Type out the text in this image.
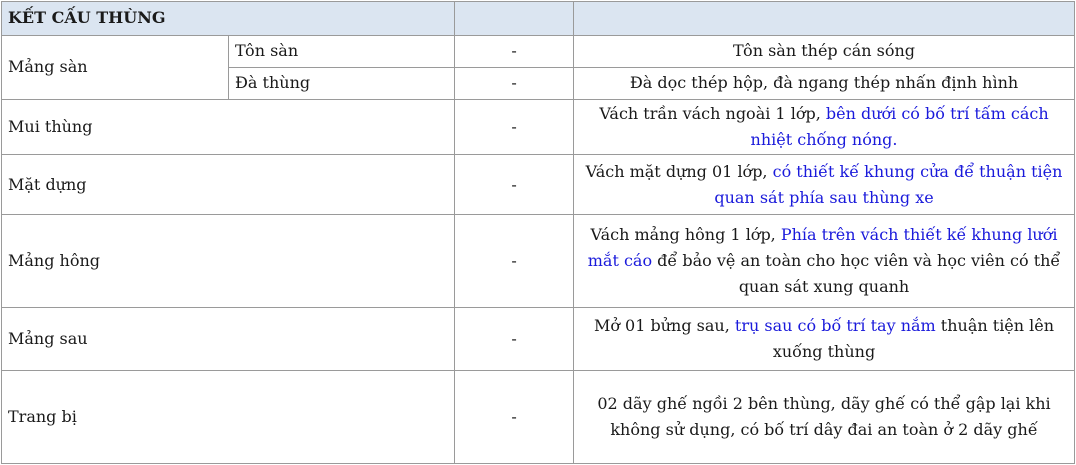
KẾT CẤU THÙNG			
Mảng sàn	Tôn sàn	-	Tôn sàn thép cán sóng
	Đà thùng	-	Đà dọc thép hộp, đà ngang thép nhấn định hình
Mui thùng		-	Vách trần vách ngoài 1 lớp, bên dưới có bố trí tấm cách nhiệt chống nóng.
Mặt dựng		-	Vách mặt dựng 01 lớp, có thiết kế khung cửa để thuận tiện quan sát phía sau thùng xe
Mảng hông		-	Vách mảng hông 1 lớp, Phía trên vách thiết kế khung lưới mắt cáo để bảo vệ an toàn cho học viên và học viên có thể quan sát xung quanh
Mảng sau		-	Mở 01 bửng sau, trụ sau có bố trí tay nắm thuận tiện lên xuống thùng
Trang bị		-	02 dãy ghế ngồi 2 bên thùng, dãy ghế có thể gập lại khi không sử dụng, có bố trí dây đai an toàn ở 2 dãy ghế
